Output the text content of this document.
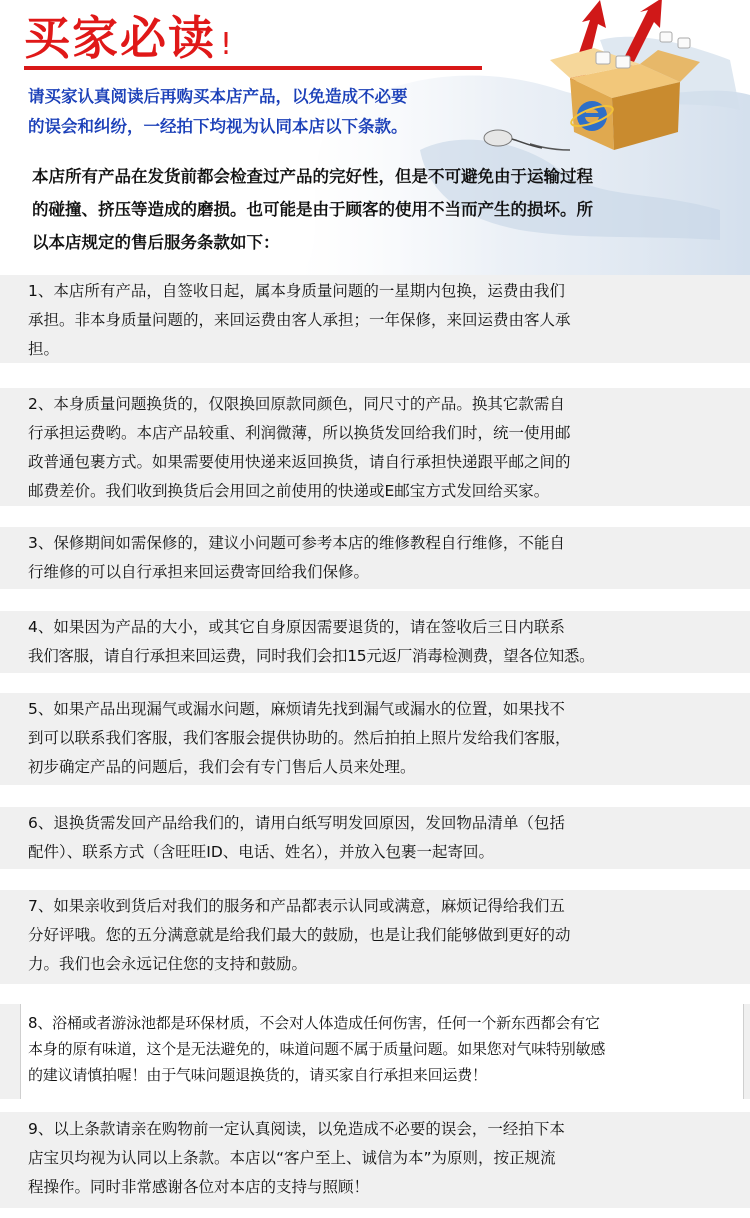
买家必读 !
请买家认真阅读后再购买本店产品，以免造成不必要
的误会和纠纷，一经拍下均视为认同本店以下条款。
本店所有产品在发货前都会检查过产品的完好性，但是不可避免由于运输过程
的碰撞、挤压等造成的磨损。也可能是由于顾客的使用不当而产生的损坏。所
以本店规定的售后服务条款如下：

1、本店所有产品，自签收日起，属本身质量问题的一星期内包换，运费由我们
承担。非本身质量问题的，来回运费由客人承担；一年保修，来回运费由客人承
担。

2、本身质量问题换货的，仅限换回原款同颜色，同尺寸的产品。换其它款需自
行承担运费哟。本店产品较重、利润微薄，所以换货发回给我们时，统一使用邮
政普通包裹方式。如果需要使用快递来返回换货，请自行承担快递跟平邮之间的
邮费差价。我们收到换货后会用回之前使用的快递或E邮宝方式发回给买家。

3、保修期间如需保修的，建议小问题可参考本店的维修教程自行维修，不能自
行维修的可以自行承担来回运费寄回给我们保修。

4、如果因为产品的大小，或其它自身原因需要退货的，请在签收后三日内联系
我们客服，请自行承担来回运费，同时我们会扣15元返厂消毒检测费，望各位知悉。

5、如果产品出现漏气或漏水问题，麻烦请先找到漏气或漏水的位置，如果找不
到可以联系我们客服，我们客服会提供协助的。然后拍拍上照片发给我们客服，
初步确定产品的问题后，我们会有专门售后人员来处理。

6、退换货需发回产品给我们的，请用白纸写明发回原因，发回物品清单（包括
配件）、联系方式（含旺旺ID、电话、姓名），并放入包裹一起寄回。

7、如果亲收到货后对我们的服务和产品都表示认同或满意，麻烦记得给我们五
分好评哦。您的五分满意就是给我们最大的鼓励，也是让我们能够做到更好的动
力。我们也会永远记住您的支持和鼓励。

8、浴桶或者游泳池都是环保材质，不会对人体造成任何伤害，任何一个新东西都会有它
本身的原有味道，这个是无法避免的，味道问题不属于质量问题。如果您对气味特别敏感
的建议请慎拍喔！由于气味问题退换货的，请买家自行承担来回运费！

9、以上条款请亲在购物前一定认真阅读，以免造成不必要的误会，一经拍下本
店宝贝均视为认同以上条款。本店以“客户至上、诚信为本”为原则，按正规流
程操作。同时非常感谢各位对本店的支持与照顾！
